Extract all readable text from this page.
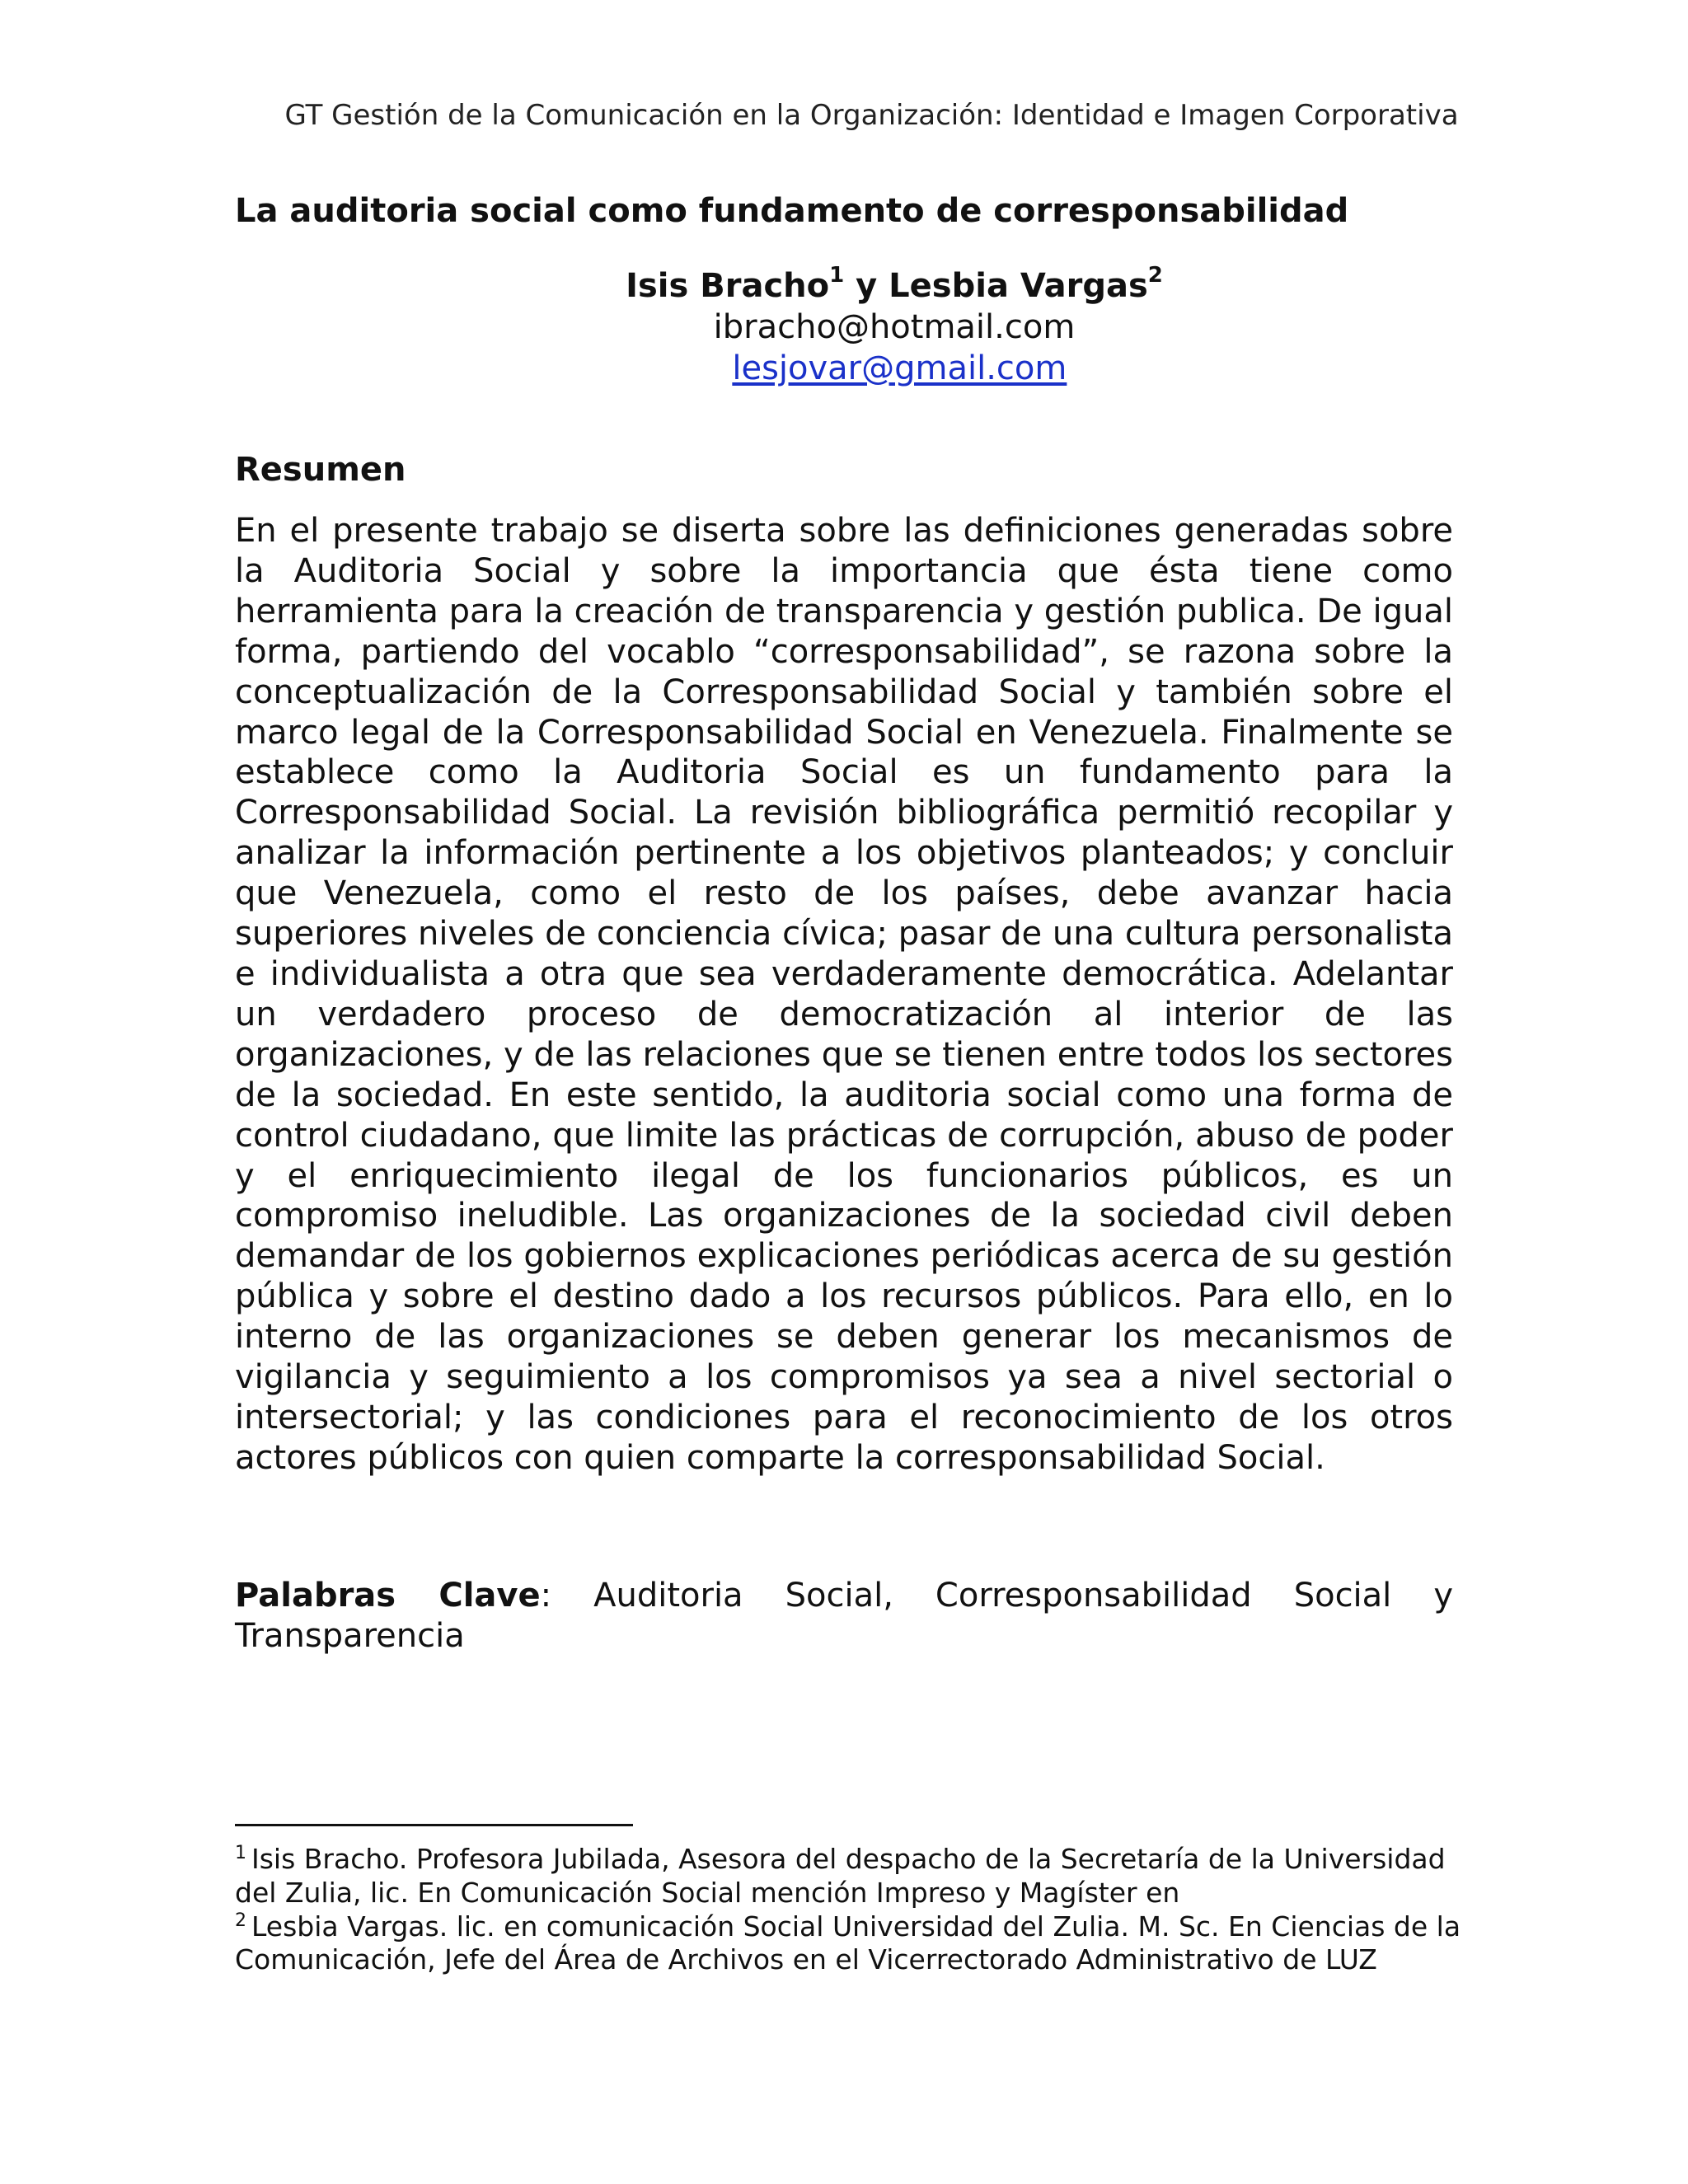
GT Gestión de la Comunicación en la Organización: Identidad e Imagen Corporativa
La auditoria social como fundamento de corresponsabilidad
Isis Bracho$^1$ y Lesbia Vargas$^2$
ibracho@hotmail.com
lesjovar@gmail.com
Resumen

En el presente trabajo se diserta sobre las definiciones generadas sobre la Auditoria Social y sobre la importancia que ésta tiene como herramienta para la creación de transparencia y gestión publica. De igual forma, partiendo del vocablo “corresponsabilidad”, se razona sobre la conceptualización de la Corresponsabilidad Social y también sobre el marco legal de la Corresponsabilidad Social en Venezuela. Finalmente se establece como la Auditoria Social es un fundamento para la Corresponsabilidad Social. La revisión bibliográfica permitió recopilar y analizar la información pertinente a los objetivos planteados; y concluir que Venezuela, como el resto de los países, debe avanzar hacia superiores niveles de conciencia cívica; pasar de una cultura personalista e individualista a otra que sea verdaderamente democrática. Adelantar un verdadero proceso de democratización al interior de las organizaciones, y de las relaciones que se tienen entre todos los sectores de la sociedad. En este sentido, la auditoria social como una forma de control ciudadano, que limite las prácticas de corrupción, abuso de poder y el enriquecimiento ilegal de los funcionarios públicos, es un compromiso ineludible. Las organizaciones de la sociedad civil deben demandar de los gobiernos explicaciones periódicas acerca de su gestión pública y sobre el destino dado a los recursos públicos. Para ello, en lo interno de las organizaciones se deben generar los mecanismos de vigilancia y seguimiento a los compromisos ya sea a nivel sectorial o intersectorial; y las condiciones para el reconocimiento de los otros actores públicos con quien comparte la corresponsabilidad Social.

Palabras Clave: Auditoria Social, Corresponsabilidad Social y Transparencia

$^1$ Isis Bracho. Profesora Jubilada, Asesora del despacho de la Secretaría de la Universidad del Zulia, lic. En Comunicación Social mención Impreso y Magíster en

$^2$ Lesbia Vargas. lic. en comunicación Social Universidad del Zulia. M. Sc. En Ciencias de la Comunicación, Jefe del Área de Archivos en el Vicerrectorado Administrativo de LUZ
